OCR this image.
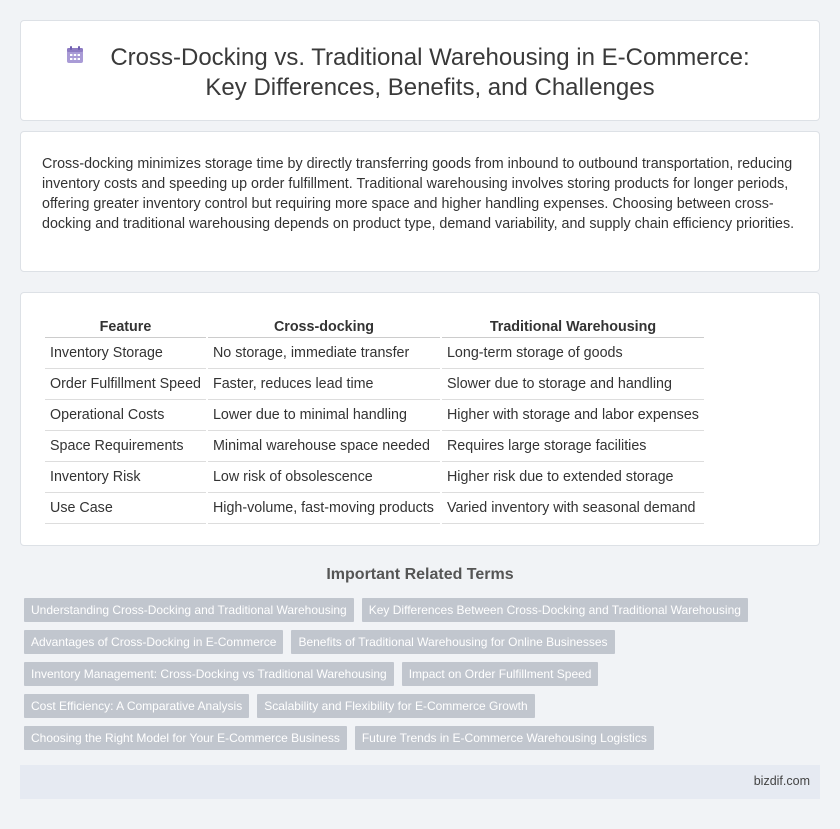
Cross-Docking vs. Traditional Warehousing in E-Commerce: Key Differences, Benefits, and Challenges

Cross-docking minimizes storage time by directly transferring goods from inbound to outbound transportation, reducing inventory costs and speeding up order fulfillment. Traditional warehousing involves storing products for longer periods, offering greater inventory control but requiring more space and higher handling expenses. Choosing between cross-docking and traditional warehousing depends on product type, demand variability, and supply chain efficiency priorities.

Feature	Cross-docking	Traditional Warehousing
Inventory Storage	No storage, immediate transfer	Long-term storage of goods
Order Fulfillment Speed	Faster, reduces lead time	Slower due to storage and handling
Operational Costs	Lower due to minimal handling	Higher with storage and labor expenses
Space Requirements	Minimal warehouse space needed	Requires large storage facilities
Inventory Risk	Low risk of obsolescence	Higher risk due to extended storage
Use Case	High-volume, fast-moving products	Varied inventory with seasonal demand
Important Related Terms
Understanding Cross-Docking and Traditional Warehousing	Key Differences Between Cross-Docking and Traditional Warehousing
Advantages of Cross-Docking in E-Commerce	Benefits of Traditional Warehousing for Online Businesses
Inventory Management: Cross-Docking vs Traditional Warehousing	Impact on Order Fulfillment Speed
Cost Efficiency: A Comparative Analysis	Scalability and Flexibility for E-Commerce Growth
Choosing the Right Model for Your E-Commerce Business	Future Trends in E-Commerce Warehousing Logistics
bizdif.com
